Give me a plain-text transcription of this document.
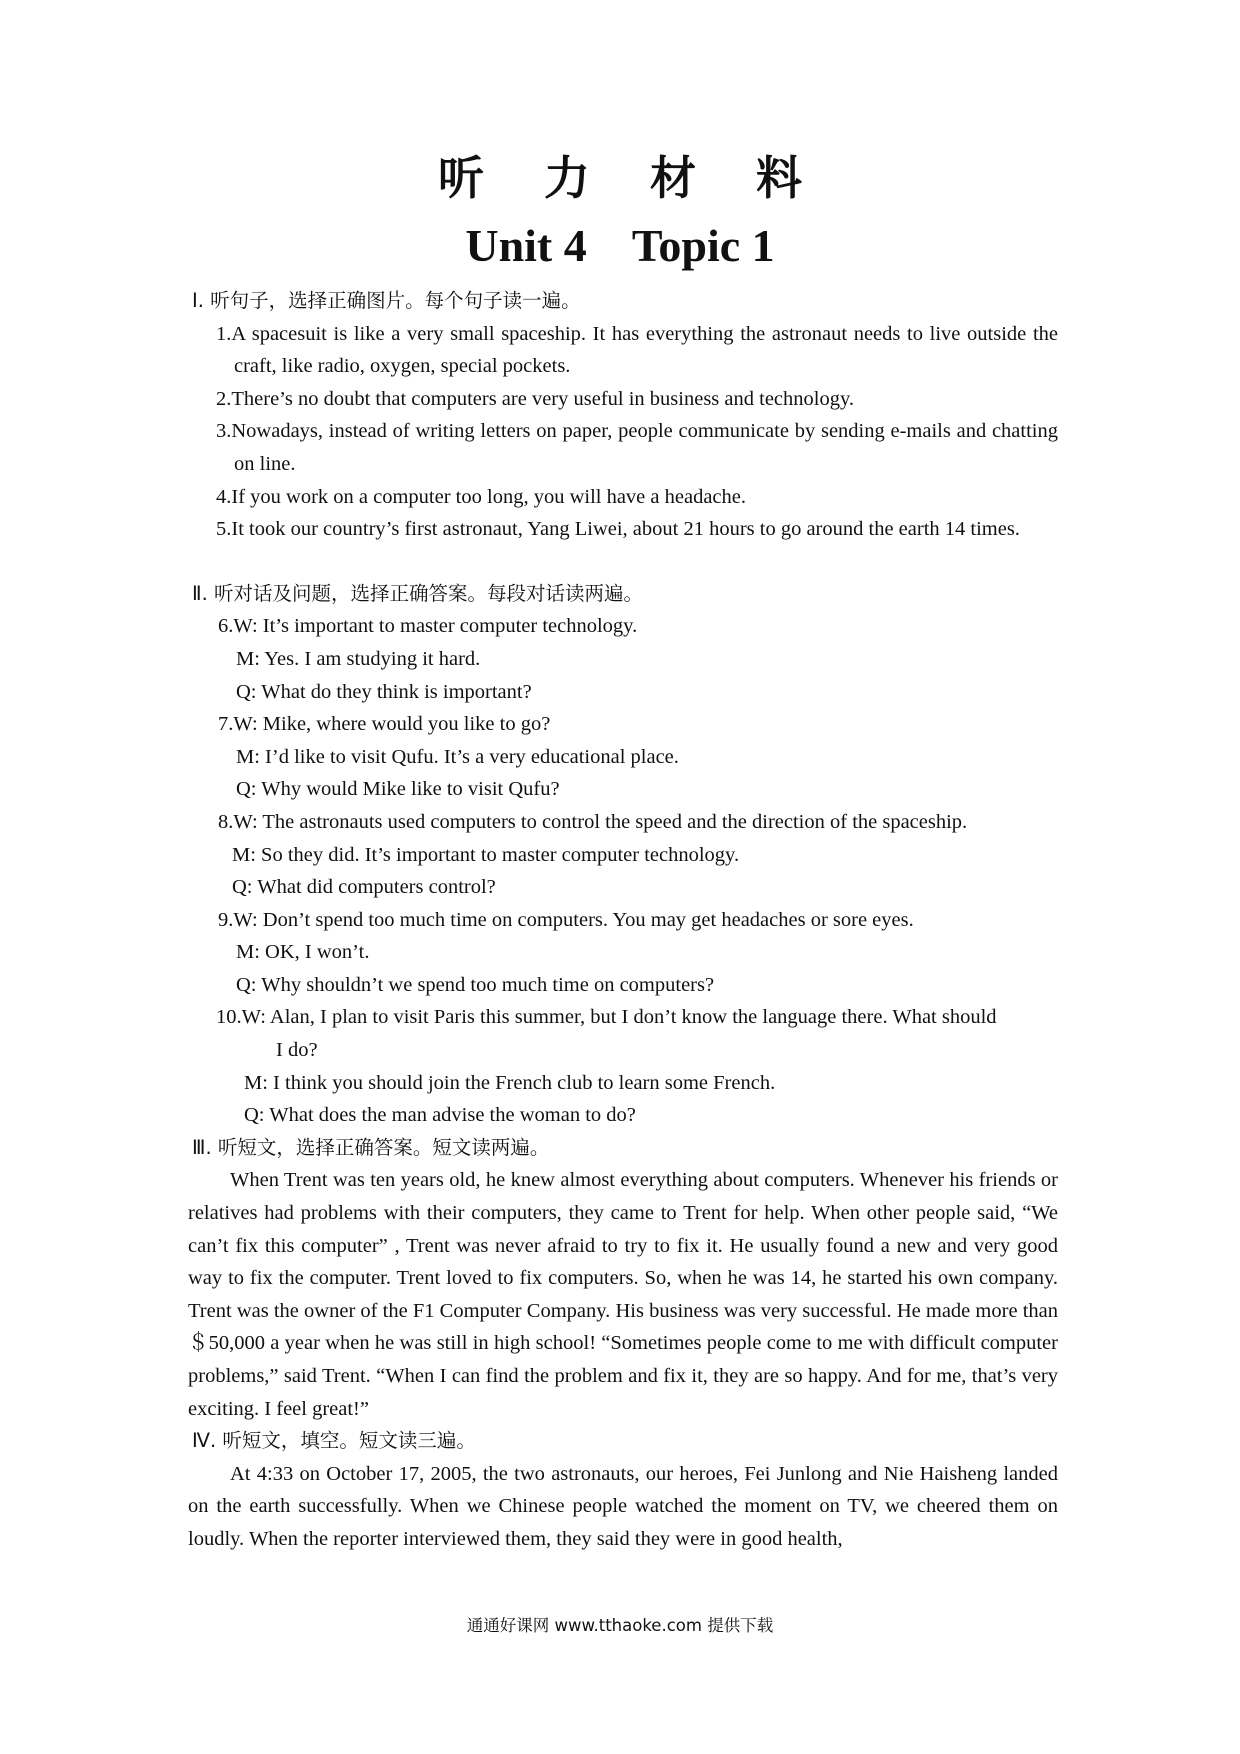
听 力 材 料
Unit 4    Topic 1
Ⅰ. 听句子，选择正确图片。每个句子读一遍。
1.A spacesuit is like a very small spaceship. It has everything the astronaut needs to live outside the craft, like radio, oxygen, special pockets.
2.There’s no doubt that computers are very useful in business and technology.
3.Nowadays, instead of writing letters on paper, people communicate by sending e-mails and chatting on line.
4.If you work on a computer too long, you will have a headache.
5.It took our country’s first astronaut, Yang Liwei, about 21 hours to go around the earth 14 times.
Ⅱ. 听对话及问题，选择正确答案。每段对话读两遍。
6.W: It’s important to master computer technology.
M: Yes. I am studying it hard.
Q: What do they think is important?
7.W: Mike, where would you like to go?
M: I’d like to visit Qufu. It’s a very educational place.
Q: Why would Mike like to visit Qufu?
8.W: The astronauts used computers to control the speed and the direction of the spaceship.
M: So they did. It’s important to master computer technology.
Q: What did computers control?
9.W: Don’t spend too much time on computers. You may get headaches or sore eyes.
M: OK, I won’t.
Q: Why shouldn’t we spend too much time on computers?
10.W: Alan, I plan to visit Paris this summer, but I don’t know the language there. What should
I do?
M: I think you should join the French club to learn some French.
Q: What does the man advise the woman to do?
Ⅲ. 听短文，选择正确答案。短文读两遍。
When Trent was ten years old, he knew almost everything about computers. Whenever his friends or relatives had problems with their computers, they came to Trent for help. When other people said, “We can’t fix this computer” , Trent was never afraid to try to fix it. He usually found a new and very good way to fix the computer. Trent loved to fix computers. So, when he was 14, he started his own company. Trent was the owner of the F1 Computer Company. His business was very successful. He made more than ＄50,000 a year when he was still in high school! “Sometimes people come to me with difficult computer problems,” said Trent. “When I can find the problem and fix it, they are so happy. And for me, that’s very exciting. I feel great!”
Ⅳ. 听短文，填空。短文读三遍。
At 4:33 on October 17, 2005, the two astronauts, our heroes, Fei Junlong and Nie Haisheng landed on the earth successfully. When we Chinese people watched the moment on TV, we cheered them on loudly. When the reporter interviewed them, they said they were in good health,
通通好课网 www.tthaoke.com 提供下载
